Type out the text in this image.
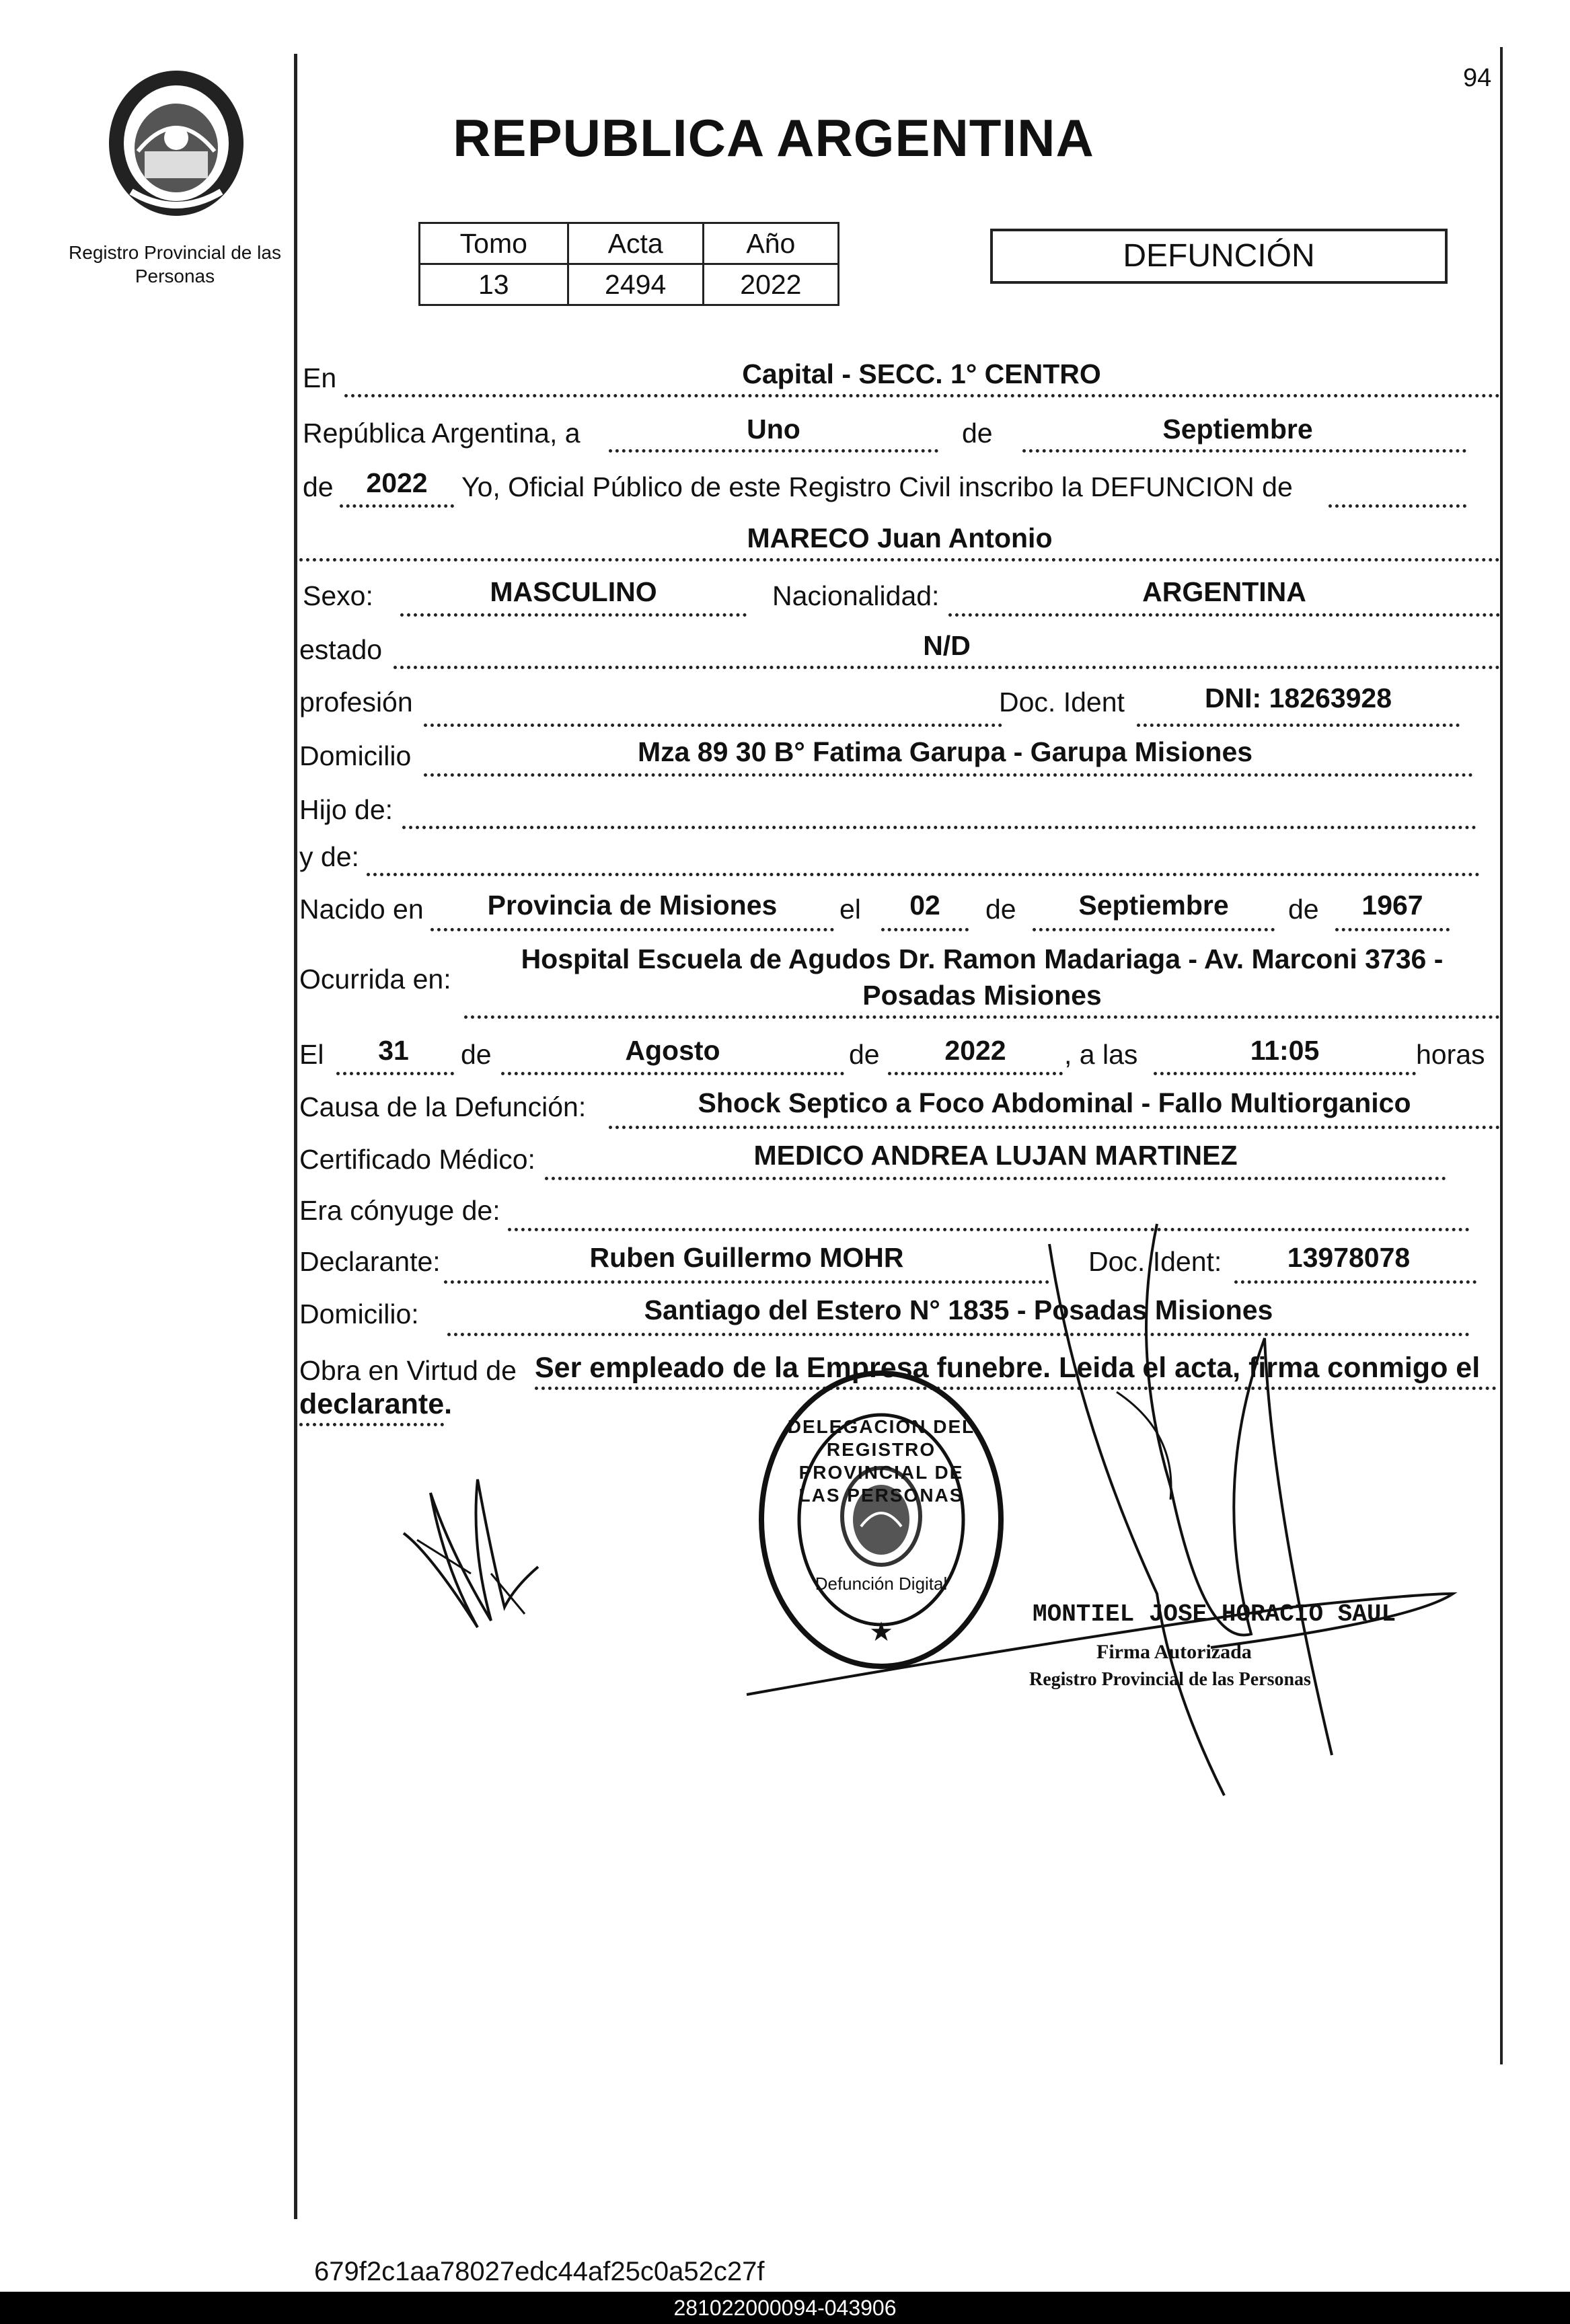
Registro Provincial de las Personas
94
REPUBLICA ARGENTINA
Tomo	Acta	Año
13	2494	2022
DEFUNCIÓN
En	Capital - SECC. 1° CENTRO
República Argentina, a	Uno	de	Septiembre
de	2022	Yo, Oficial Público de este Registro Civil inscribo la DEFUNCION de
MARECO Juan Antonio
Sexo:	MASCULINO	Nacionalidad:	ARGENTINA
estado	N/D
profesión	Doc. Ident	DNI: 18263928
Domicilio	Mza 89 30 B° Fatima Garupa - Garupa Misiones
Hijo de:
y de:
Nacido en	Provincia de Misiones	el	02	de	Septiembre	de	1967
Ocurrida en:
Hospital Escuela de Agudos Dr. Ramon Madariaga - Av. Marconi 3736 -
Posadas Misiones
El	31	de	Agosto	de	2022	, a las	11:05	horas
Causa de la Defunción:	Shock Septico a Foco Abdominal - Fallo Multiorganico
Certificado Médico:	MEDICO ANDREA LUJAN MARTINEZ
Era cónyuge de:
Declarante:	Ruben Guillermo MOHR	Doc. Ident:	13978078
Domicilio:	Santiago del Estero N° 1835 - Posadas Misiones
Obra en Virtud de Ser empleado de la Empresa funebre. Leida el acta, firma conmigo el
declarante.
★
DELEGACION DEL REGISTRO PROVINCIAL DE LAS PERSONAS
Defunción Digital
MONTIEL JOSE HORACIO SAUL
Firma Autorizada
Registro Provincial de las Personas
679f2c1aa78027edc44af25c0a52c27f
281022000094-043906
